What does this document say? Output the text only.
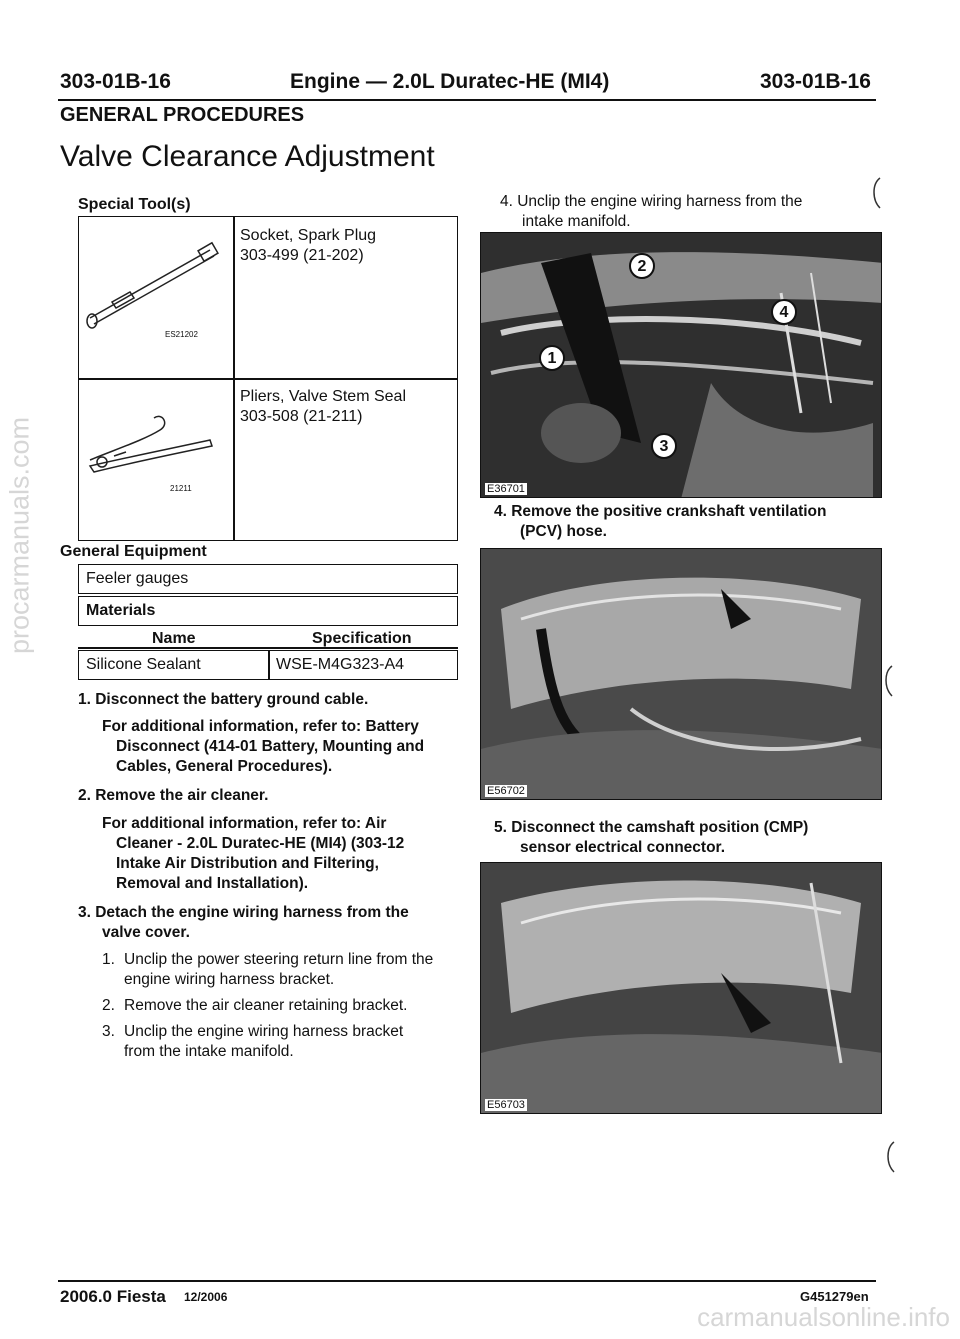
procarmanuals.com
carmanualsonline.info
303-01B-16	Engine — 2.0L Duratec-HE (MI4)	303-01B-16
GENERAL PROCEDURES
Valve Clearance Adjustment
Special Tool(s)
ES21202
Socket, Spark Plug
303-499 (21-202)
21211
Pliers, Valve Stem Seal
303-508 (21-211)
General Equipment
Feeler gauges
Materials
Name	Specification
Silicone Sealant	WSE-M4G323-A4
1. Disconnect the battery ground cable.
For additional information, refer to: Battery
Disconnect (414-01 Battery, Mounting and
Cables, General Procedures).
2. Remove the air cleaner.
For additional information, refer to: Air
Cleaner - 2.0L Duratec-HE (MI4) (303-12
Intake Air Distribution and Filtering,
Removal and Installation).
3. Detach the engine wiring harness from the
valve cover.
1. Unclip the power steering return line from the
engine wiring harness bracket.
2. Remove the air cleaner retaining bracket.
3. Unclip the engine wiring harness bracket
from the intake manifold.
4. Unclip the engine wiring harness from the
intake manifold.
1
2
3
4
E36701
4. Remove the positive crankshaft ventilation
(PCV) hose.
E56702
5. Disconnect the camshaft position (CMP)
sensor electrical connector.
E56703
2006.0 Fiesta 12/2006	G451279en
